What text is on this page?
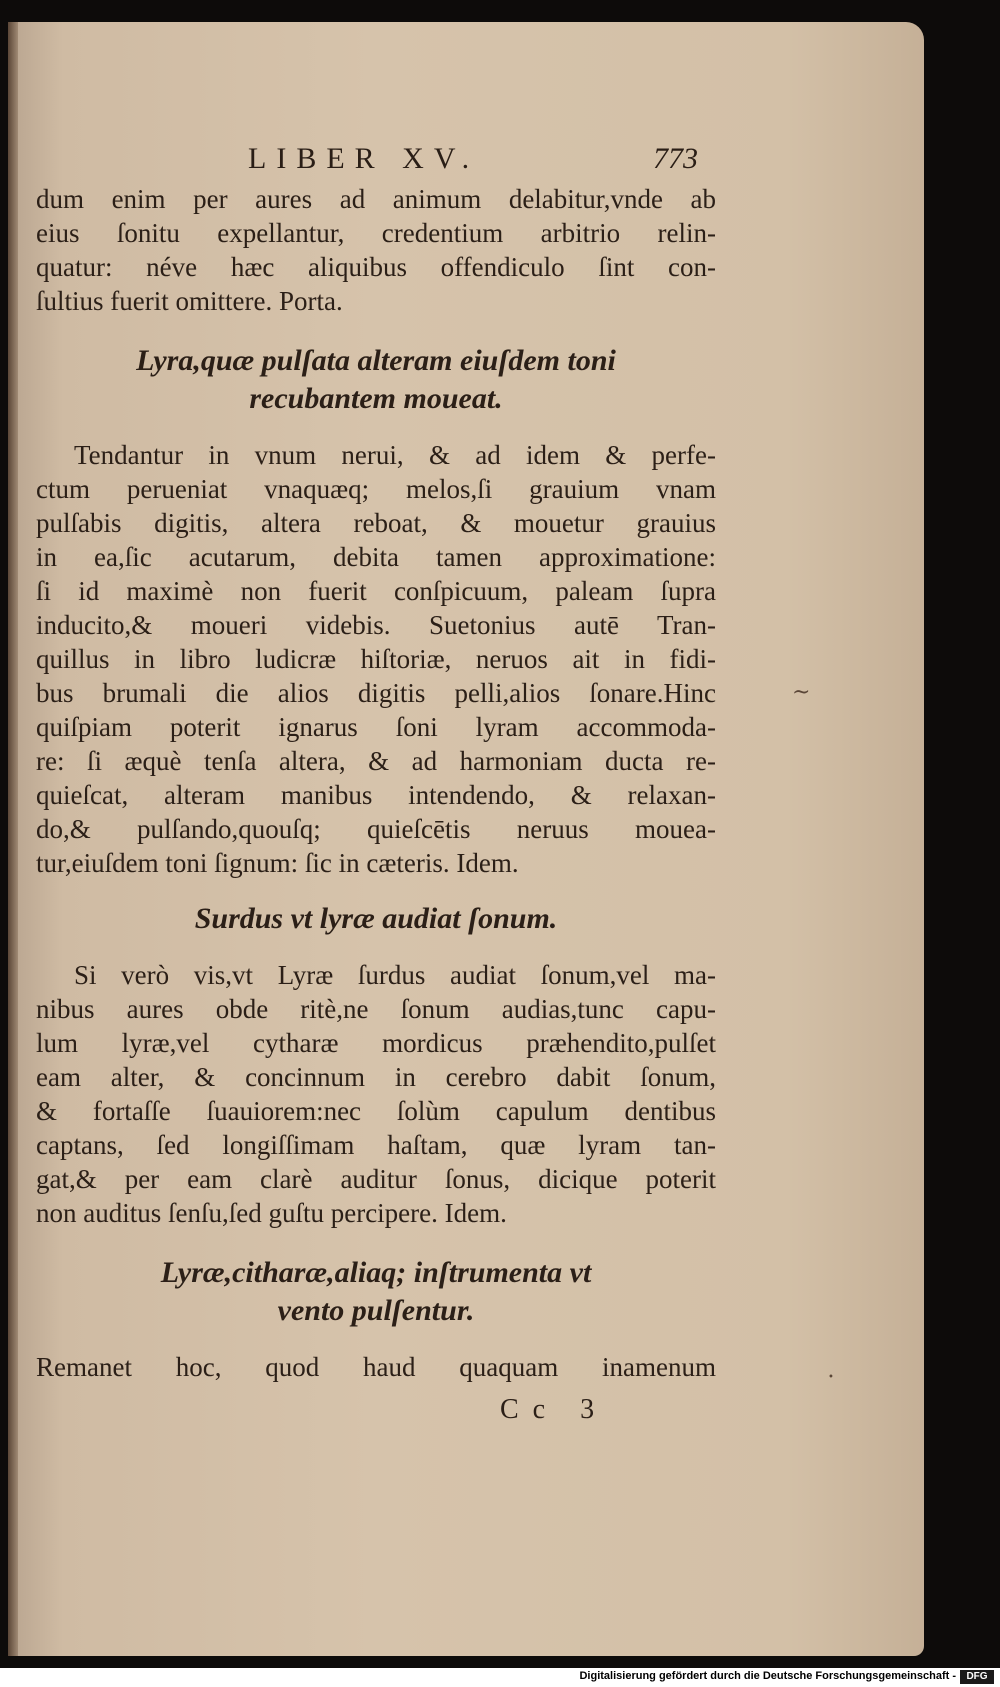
LIBER XV.	773
dum enim per aures ad animum delabitur,vnde ab
eius ſonitu expellantur, credentium arbitrio relin-
quatur: néve hæc aliquibus offendiculo ſint con-
ſultius fuerit omittere. Porta.
Lyra,quæ pulſata alteram eiuſdem toni
recubantem moueat.
Tendantur in vnum nerui, & ad idem & perfe-
ctum perueniat vnaquæq; melos,ſi grauium vnam
pulſabis digitis, altera reboat, & mouetur grauius
in ea,ſic acutarum, debita tamen approximatione:
ſi id maximè non fuerit conſpicuum, paleam ſupra
inducito,& moueri videbis. Suetonius autē Tran-
quillus in libro ludicræ hiſtoriæ, neruos ait in fidi-
bus brumali die alios digitis pelli,alios ſonare.Hinc
quiſpiam poterit ignarus ſoni lyram accommoda-
re: ſi æquè tenſa altera, & ad harmoniam ducta re-
quieſcat, alteram manibus intendendo, & relaxan-
do,& pulſando,quouſq; quieſcētis neruus moueа-
tur,eiuſdem toni ſignum: ſic in cæteris. Idem.
Surdus vt lyræ audiat ſonum.
Si verò vis,vt Lyræ ſurdus audiat ſonum,vel ma-
nibus aures obde ritè,ne ſonum audias,tunc capu-
lum lyræ,vel cytharæ mordicus præhendito,pulſet
eam alter, & concinnum in cerebro dabit ſonum,
& fortaſſe ſuauiorem:nec ſolùm capulum dentibus
captans, ſed longiſſimam haſtam, quæ lyram tan-
gat,& per eam clarè auditur ſonus, dicique poterit
non auditus ſenſu,ſed guſtu percipere. Idem.
Lyræ,citharæ,aliaq; inſtrumenta vt
vento pulſentur.
Remanet hoc, quod haud quaquam inamenum
Cc 3
~
•
Digitalisierung gefördert durch die Deutsche Forschungsgemeinschaft -	DFG
